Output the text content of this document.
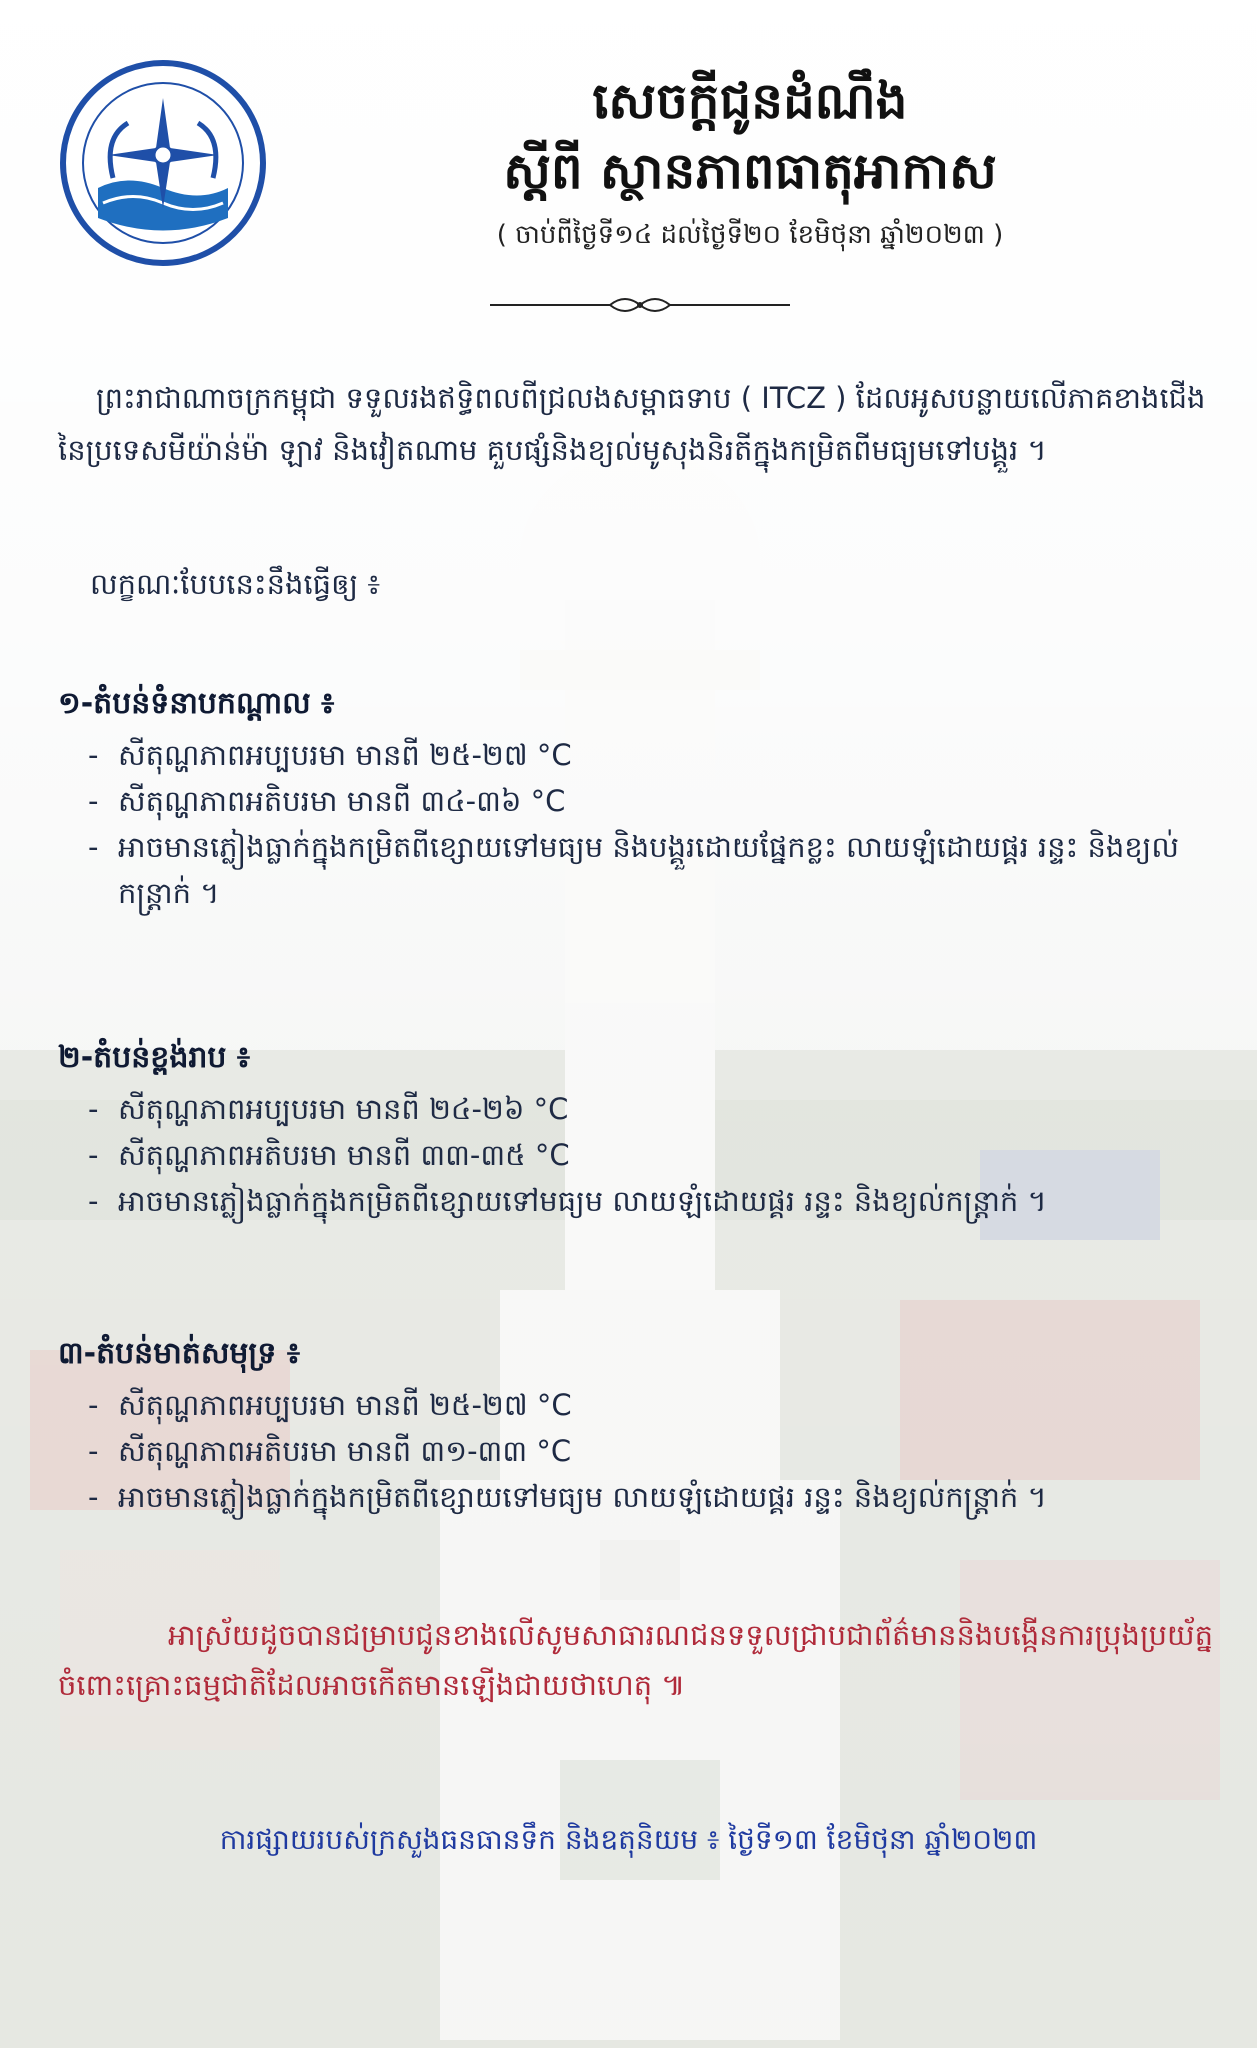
សេចក្តីជូនដំណឹង
ស្តីពី ស្ថានភាពធាតុអាកាស
( ចាប់ពីថ្ងៃទី១៤ ដល់ថ្ងៃទី២០ ខែមិថុនា ឆ្នាំ២០២៣ )
ព្រះរាជាណាចក្រកម្ពុជា ទទួលរងឥទ្ធិពលពីជ្រលងសម្ពាធទាប ( ITCZ ) ដែលអូសបន្លាយលើភាគខាងជើងនៃប្រទេសមីយ៉ាន់ម៉ា ឡាវ និងវៀតណាម គួបផ្សំនិងខ្យល់មូសុងនិរតីក្នុងកម្រិតពីមធ្យមទៅបង្គួរ ។
លក្ខណៈបែបនេះនឹងធ្វើឲ្យ ៖
១-តំបន់ទំនាបកណ្តាល ៖
- សីតុណ្ហភាពអប្បបរមា មានពី ២៥-២៧ °C
- សីតុណ្ហភាពអតិបរមា មានពី ៣៤-៣៦ °C
- អាចមានភ្លៀងធ្លាក់ក្នុងកម្រិតពីខ្សោយទៅមធ្យម និងបង្គួរដោយផ្នែកខ្លះ លាយឡំដោយផ្គរ រន្ទះ និងខ្យល់កន្ត្រាក់ ។
២-តំបន់ខ្ពង់រាប ៖
- សីតុណ្ហភាពអប្បបរមា មានពី ២៤-២៦ °C
- សីតុណ្ហភាពអតិបរមា មានពី ៣៣-៣៥ °C
- អាចមានភ្លៀងធ្លាក់ក្នុងកម្រិតពីខ្សោយទៅមធ្យម លាយឡំដោយផ្គរ រន្ទះ និងខ្យល់កន្ត្រាក់ ។
៣-តំបន់មាត់សមុទ្រ ៖
- សីតុណ្ហភាពអប្បបរមា មានពី ២៥-២៧ °C
- សីតុណ្ហភាពអតិបរមា មានពី ៣១-៣៣ °C
- អាចមានភ្លៀងធ្លាក់ក្នុងកម្រិតពីខ្សោយទៅមធ្យម លាយឡំដោយផ្គរ រន្ទះ និងខ្យល់កន្ត្រាក់ ។
អាស្រ័យដូចបានជម្រាបជូនខាងលើសូមសាធារណជនទទួលជ្រាបជាព័ត៌មាននិងបង្កើនការប្រុងប្រយ័ត្នចំពោះគ្រោះធម្មជាតិដែលអាចកើតមានឡើងជាយថាហេតុ ៕
ការផ្សាយរបស់ក្រសួងធនធានទឹក និងឧតុនិយម ៖ ថ្ងៃទី១៣ ខែមិថុនា ឆ្នាំ២០២៣
